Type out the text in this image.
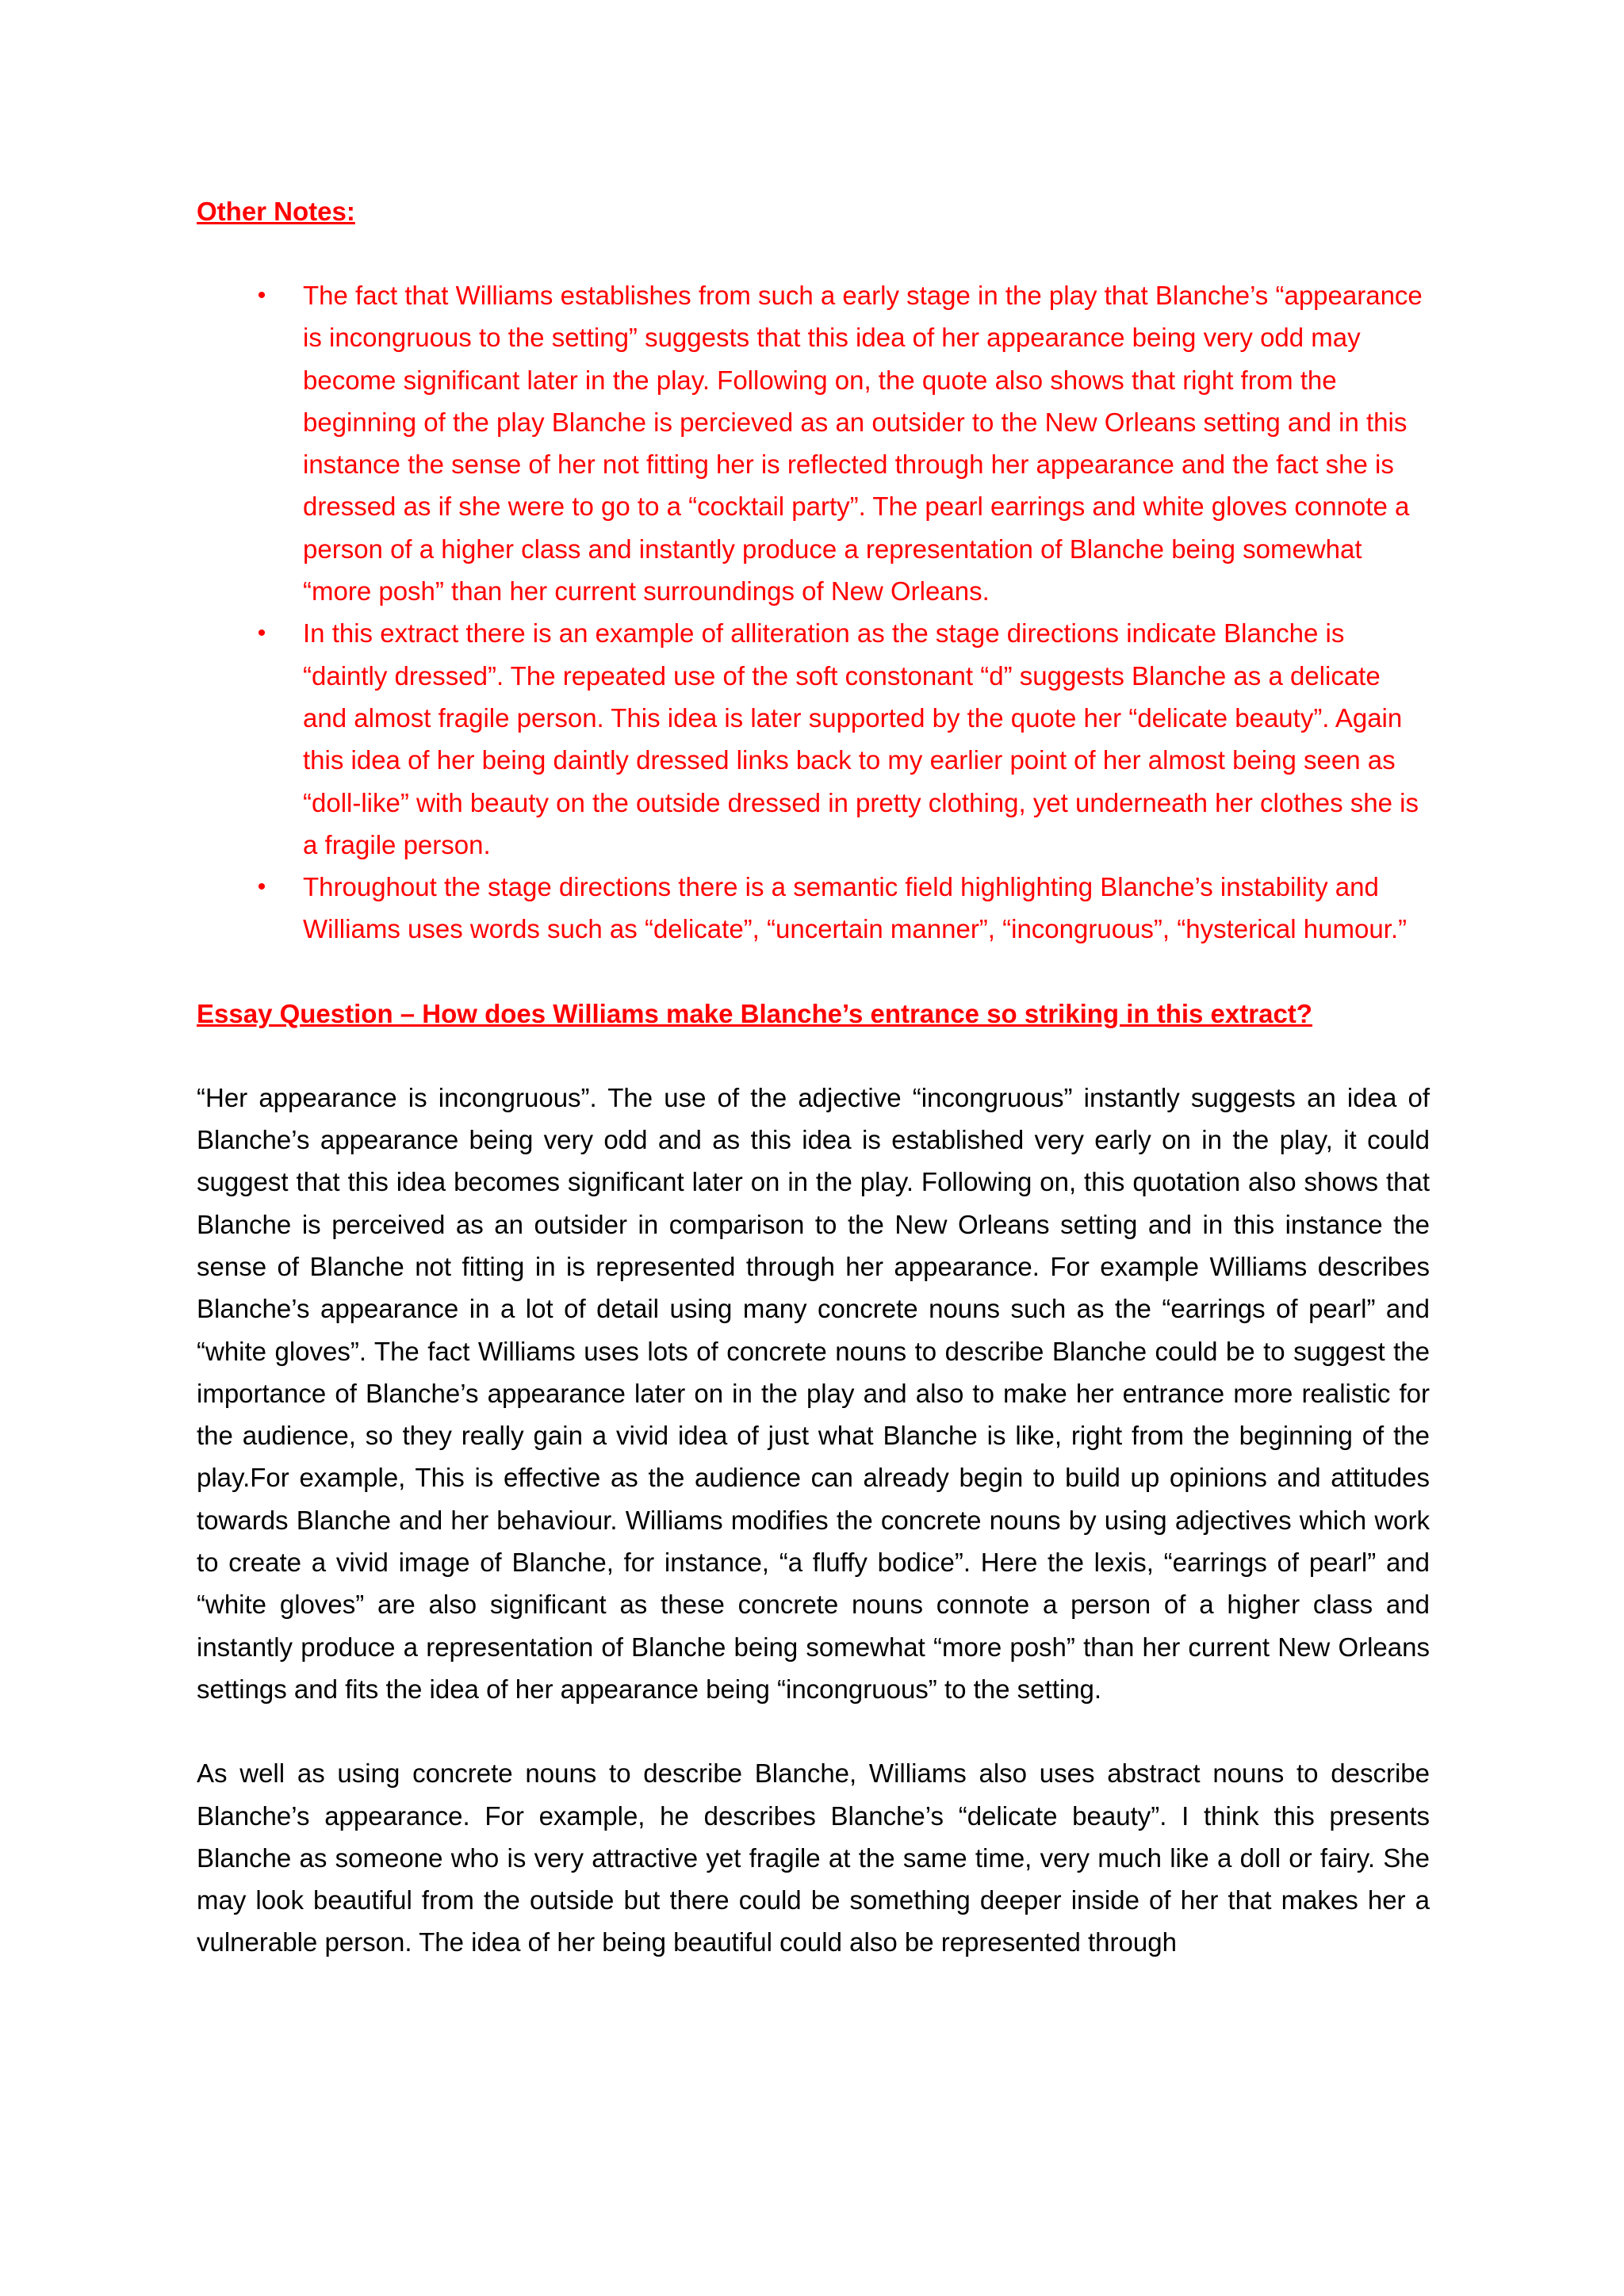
Other Notes:
• The fact that Williams establishes from such a early stage in the play that Blanche’s “appearance is incongruous to the setting” suggests that this idea of her appearance being very odd may become significant later in the play. Following on, the quote also shows that right from the beginning of the play Blanche is percieved as an outsider to the New Orleans setting and in this instance the sense of her not fitting her is reflected through her appearance and the fact she is dressed as if she were to go to a “cocktail party”. The pearl earrings and white gloves connote a person of a higher class and instantly produce a representation of Blanche being somewhat “more posh” than her current surroundings of New Orleans.
• In this extract there is an example of alliteration as the stage directions indicate Blanche is “daintly dressed”. The repeated use of the soft constonant “d” suggests Blanche as a delicate and almost fragile person. This idea is later supported by the quote her “delicate beauty”. Again this idea of her being daintly dressed links back to my earlier point of her almost being seen as “doll-like” with beauty on the outside dressed in pretty clothing, yet underneath her clothes she is a fragile person.
• Throughout the stage directions there is a semantic field highlighting Blanche’s instability and Williams uses words such as “delicate”, “uncertain manner”, “incongruous”, “hysterical humour.”
Essay Question – How does Williams make Blanche’s entrance so striking in this extract?

“Her appearance is incongruous”. The use of the adjective “incongruous” instantly suggests an idea of Blanche’s appearance being very odd and as this idea is established very early on in the play, it could suggest that this idea becomes significant later on in the play. Following on, this quotation also shows that Blanche is perceived as an outsider in comparison to the New Orleans setting and in this instance the sense of Blanche not fitting in is represented through her appearance. For example Williams describes Blanche’s appearance in a lot of detail using many concrete nouns such as the “earrings of pearl” and “white gloves”. The fact Williams uses lots of concrete nouns to describe Blanche could be to suggest the importance of Blanche’s appearance later on in the play and also to make her entrance more realistic for the audience, so they really gain a vivid idea of just what Blanche is like, right from the beginning of the play.For example, This is effective as the audience can already begin to build up opinions and attitudes towards Blanche and her behaviour. Williams modifies the concrete nouns by using adjectives which work to create a vivid image of Blanche, for instance, “a fluffy bodice”. Here the lexis, “earrings of pearl” and “white gloves” are also significant as these concrete nouns connote a person of a higher class and instantly produce a representation of Blanche being somewhat “more posh” than her current New Orleans settings and fits the idea of her appearance being “incongruous” to the setting.

As well as using concrete nouns to describe Blanche, Williams also uses abstract nouns to describe Blanche’s appearance. For example, he describes Blanche’s “delicate beauty”. I think this presents Blanche as someone who is very attractive yet fragile at the same time, very much like a doll or fairy. She may look beautiful from the outside but there could be something deeper inside of her that makes her a vulnerable person. The idea of her being beautiful could also be represented through
